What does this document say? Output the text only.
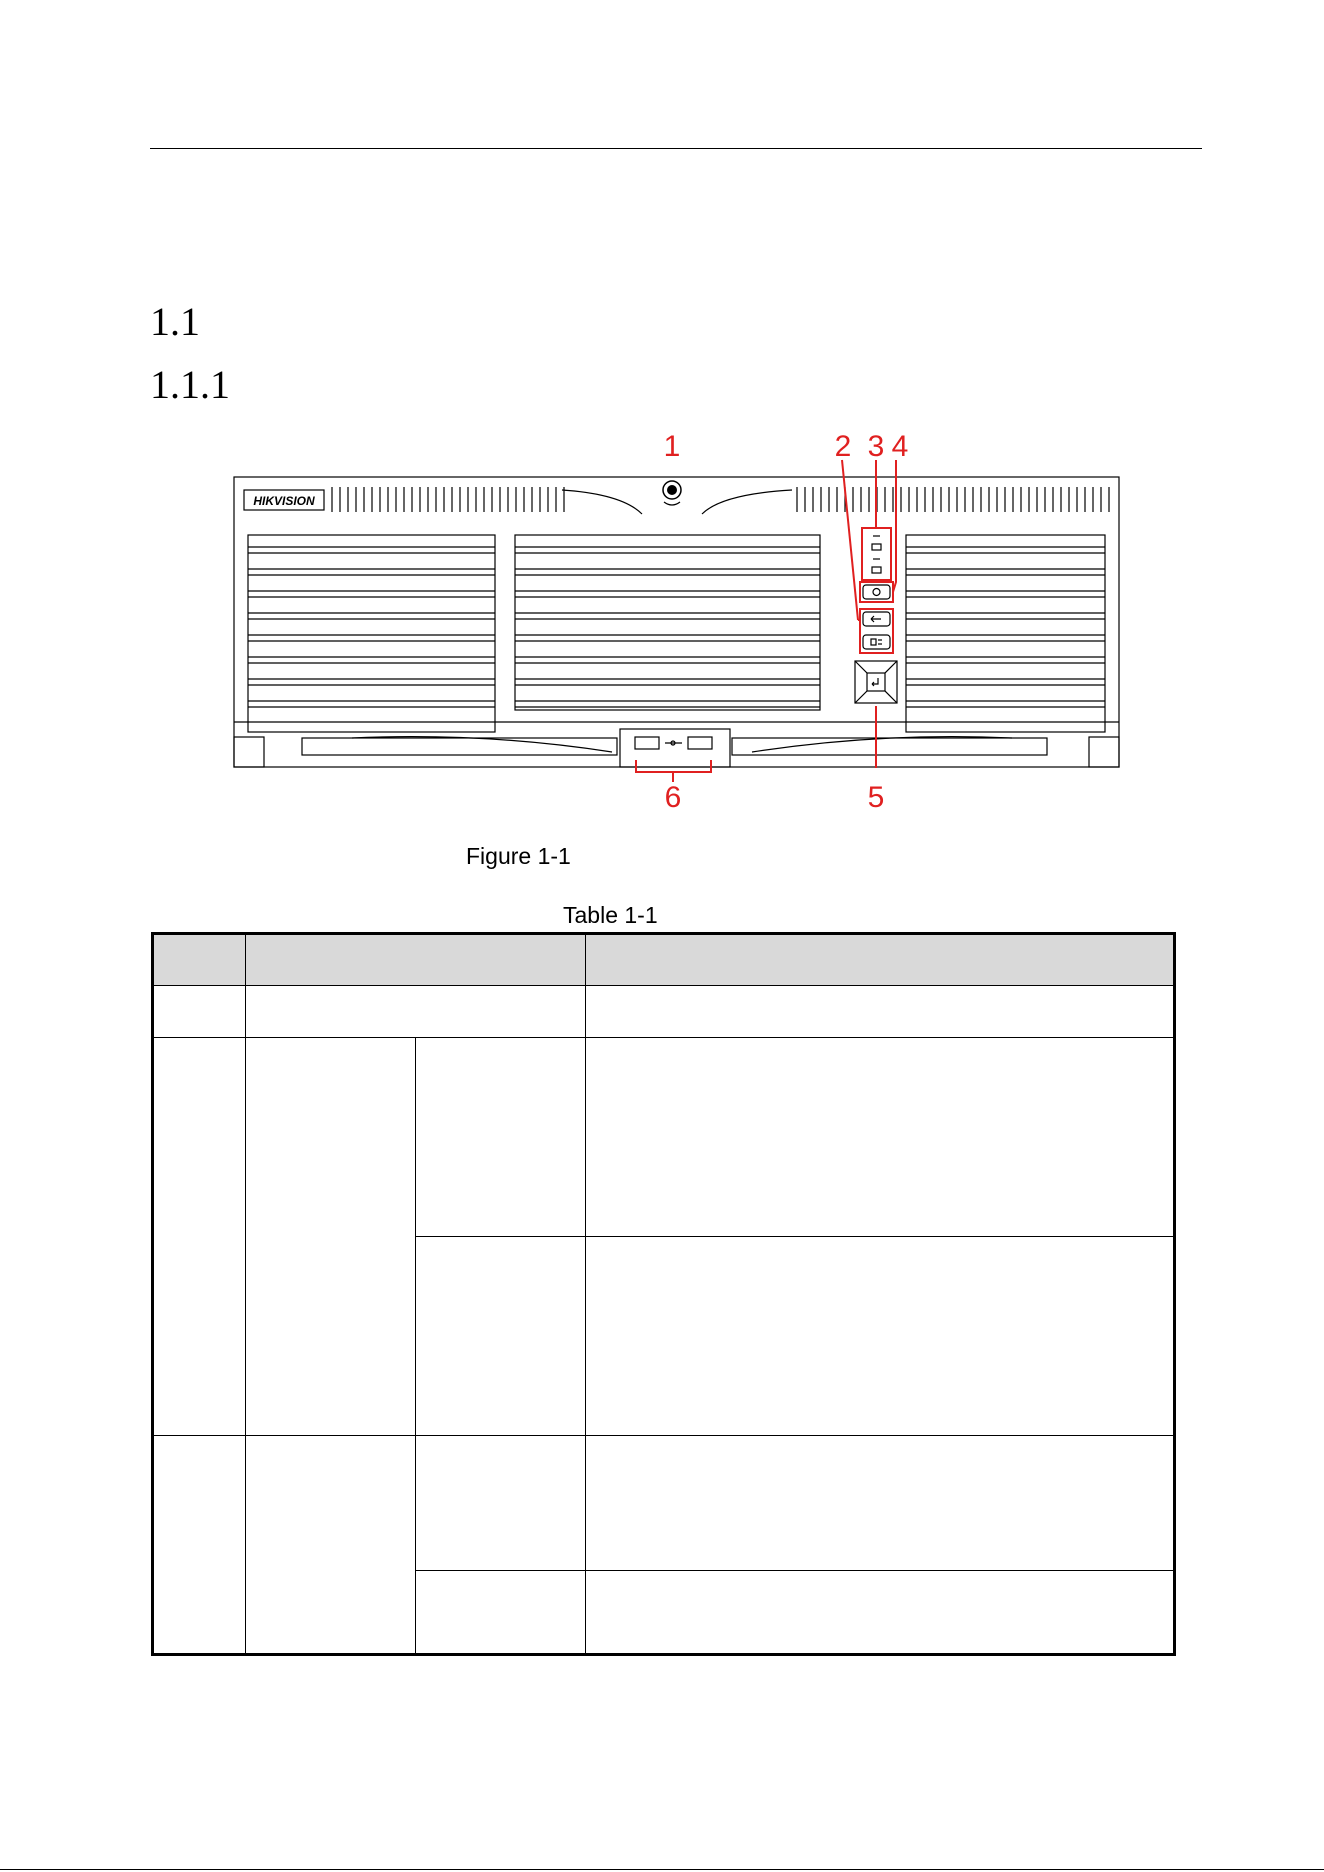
1.1
1.1.1
HIKVISION
1	2 3 4
5
6
Figure 1-1
Table 1-1
